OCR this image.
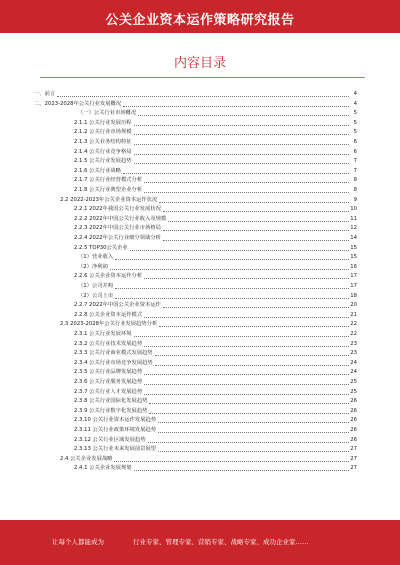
公关企业资本运作策略研究报告
内容目录
一、前言	4
二、2023-2028年公关行业发展概况	4
（一）公关行业市场概况	5
2.1.1 公关行业发展历程	5
2.1.2 公关行业市场规模	5
2.1.3 公关业务结构特征	6
2.1.4 公关行业竞争格局	6
2.1.5 公关行业发展趋势	7
2.1.6 公关行业战略	7
2.1.7 公关行业经营模式分析	8
2.1.8 公关行业典型企业分析	8
2.2 2022-2023年公关企业资本运作状况	9
2.2.1 2022年我国公关行业发展状况	10
2.2.2 2022年中国公关行业收入及规模	11
2.2.3 2022年中国公关行业市场格局	12
2.2.4 2022年公关行业细分领域分析	14
2.2.5 TOP30公关企业	15
（1）营业收入	15
（2）净利润	16
2.2.6 公关企业资本运作分析	17
（1）公司并购	17
（2）公司上市	18
2.2.7 2022年中国公关企业资本运作	20
2.2.8 公关企业资本运作模式	21
2.3 2023-2028年公关行业发展趋势分析	22
2.3.1 公关行业发展环境	22
2.3.2 公关行业技术发展趋势	23
2.3.3 公关行业商业模式发展趋势	23
2.3.4 公关行业市场竞争发展趋势	24
2.3.5 公关行业品牌发展趋势	24
2.3.6 公关行业服务发展趋势	25
2.3.7 公关行业人才发展趋势	25
2.3.8 公关行业国际化发展趋势	26
2.3.9 公关行业数字化发展趋势	26
2.3.10 公关行业资本运作发展趋势	26
2.3.11 公关行业政策环境发展趋势	26
2.3.12 公关行业区域发展趋势	26
2.3.13 公关行业未来发展前景展望	27
2.4 公关企业发展战略	27
2.4.1 公关企业发展规划	27
让每个人都能成为	行业专家、管理专家、营销专家、战略专家、成功企业家……
